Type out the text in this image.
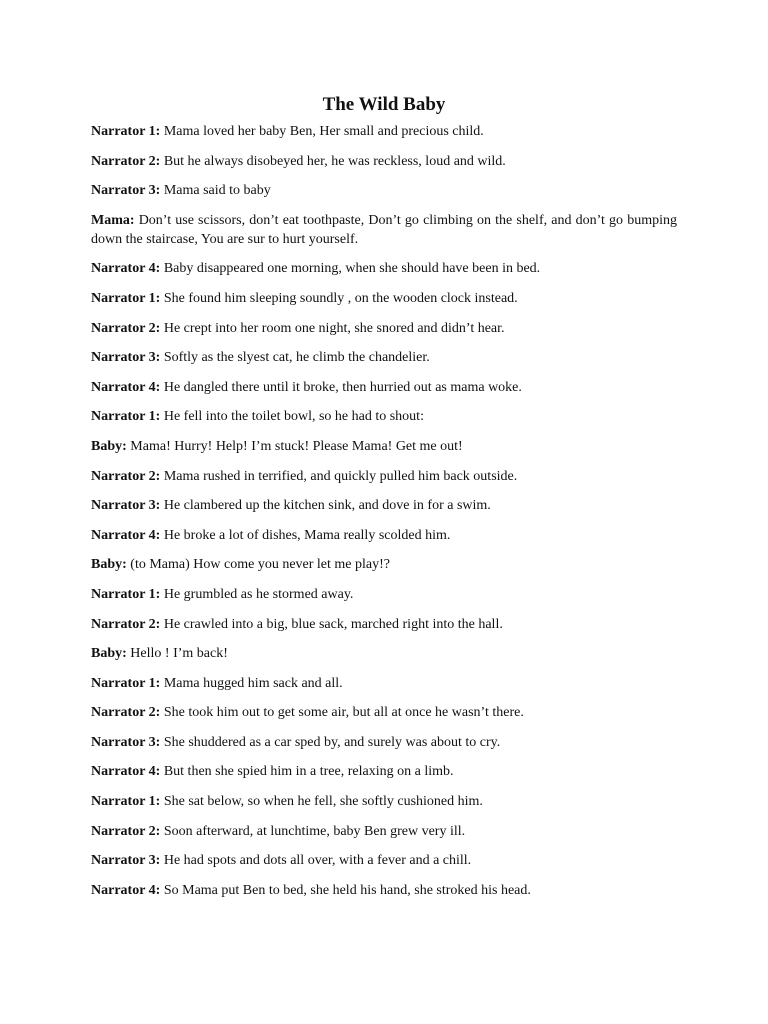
The Wild Baby
Narrator 1: Mama loved her baby Ben, Her small and precious child.
Narrator 2: But he always disobeyed her, he was reckless, loud and wild.
Narrator 3: Mama said to baby
Mama: Don’t use scissors, don’t eat toothpaste, Don’t go climbing on the shelf, and don’t go bumping down the staircase, You are sur to hurt yourself.
Narrator 4: Baby disappeared one morning, when she should have been in bed.
Narrator 1: She found him sleeping soundly , on the wooden clock instead.
Narrator 2: He crept into her room one night, she snored and didn’t hear.
Narrator 3: Softly as the slyest cat, he climb the chandelier.
Narrator 4: He dangled there until it broke, then hurried out as mama woke.
Narrator 1: He fell into the toilet bowl, so he had to shout:
Baby: Mama! Hurry! Help! I’m stuck! Please Mama! Get me out!
Narrator 2: Mama rushed in terrified, and quickly pulled him back outside.
Narrator 3: He clambered up the kitchen sink, and dove in for a swim.
Narrator 4: He broke a lot of dishes, Mama really scolded him.
Baby: (to Mama) How come you never let me play!?
Narrator 1: He grumbled as he stormed away.
Narrator 2: He crawled into a big, blue sack, marched right into the hall.
Baby: Hello ! I’m back!
Narrator 1: Mama hugged him sack and all.
Narrator 2: She took him out to get some air, but all at once he wasn’t there.
Narrator 3: She shuddered as a car sped by, and surely was about to cry.
Narrator 4: But then she spied him in a tree, relaxing on a limb.
Narrator 1: She sat below, so when he fell, she softly cushioned him.
Narrator 2: Soon afterward, at lunchtime, baby Ben grew very ill.
Narrator 3: He had spots and dots all over, with a fever and a chill.
Narrator 4: So Mama put Ben to bed, she held his hand, she stroked his head.
